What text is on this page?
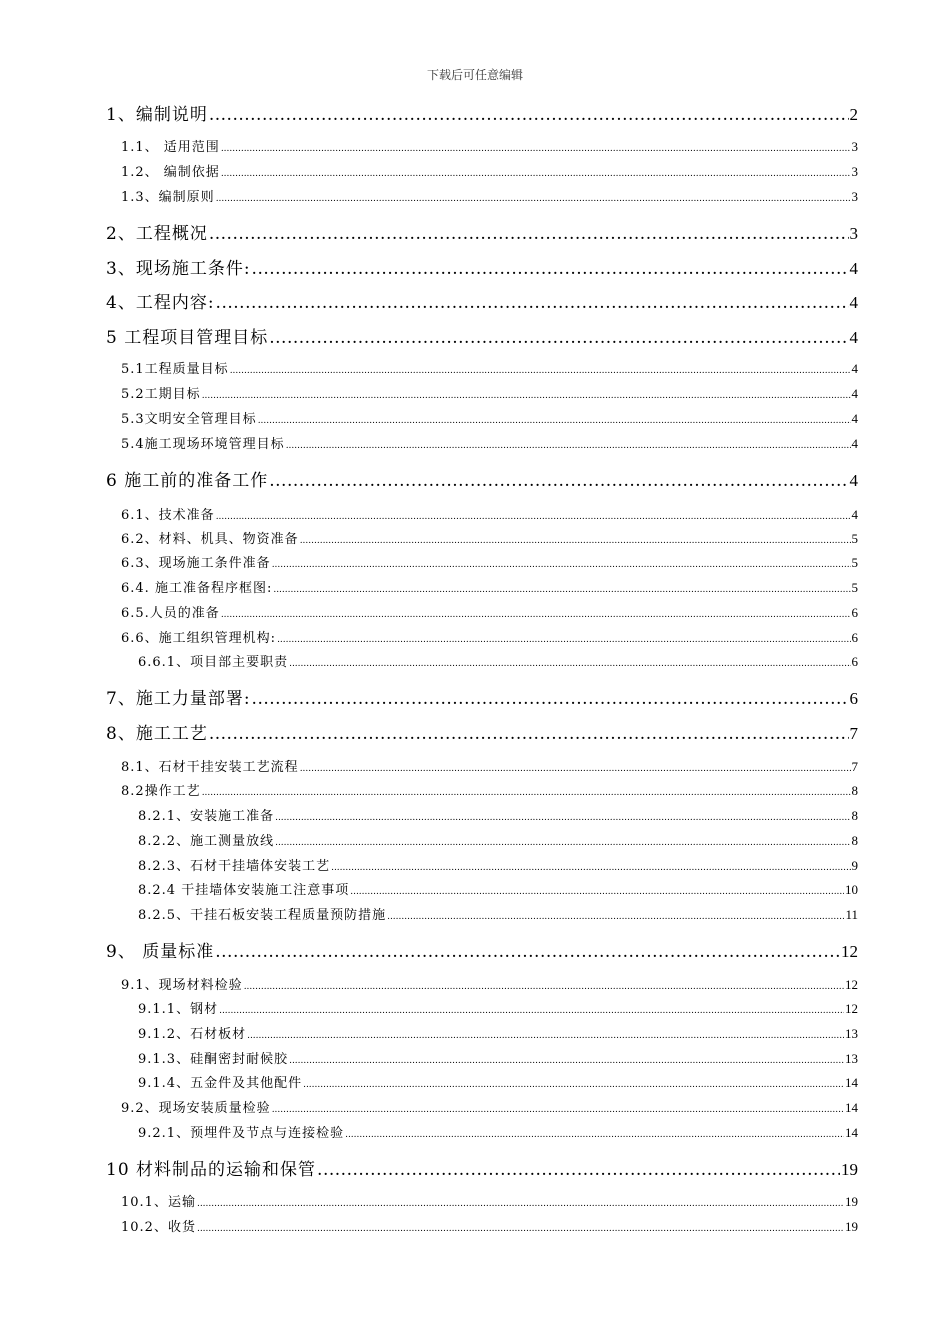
下载后可任意编辑
1、编制说明 .....	2
1.1、 适用范围 .....	3
1.2、 编制依据 .....	3
1.3、编制原则 .....	3
2、工程概况 .....	3
3、现场施工条件: .....	4
4、工程内容: .....	4
5 工程项目管理目标 .....	4
5.1工程质量目标 .....	4
5.2工期目标 .....	4
5.3文明安全管理目标 .....	4
5.4施工现场环境管理目标 .....	4
6 施工前的准备工作 .....	4
6.1、技术准备 .....	4
6.2、材料、机具、物资准备 .....	5
6.3、现场施工条件准备 .....	5
6.4. 施工准备程序框图: .....	5
6.5.人员的准备 .....	6
6.6、施工组织管理机构: .....	6
6.6.1、项目部主要职责 .....	6
7、施工力量部署: .....	6
8、施工工艺 .....	7
8.1、石材干挂安装工艺流程 .....	7
8.2操作工艺 .....	8
8.2.1、安装施工准备 .....	8
8.2.2、施工测量放线 .....	8
8.2.3、石材干挂墙体安装工艺 .....	9
8.2.4 干挂墙体安装施工注意事项 .....	10
8.2.5、干挂石板安装工程质量预防措施 .....	11
9、 质量标准 .....	12
9.1、现场材料检验 .....	12
9.1.1、钢材 .....	12
9.1.2、石材板材 .....	13
9.1.3、硅酮密封耐候胶 .....	13
9.1.4、五金件及其他配件 .....	14
9.2、现场安装质量检验 .....	14
9.2.1、预埋件及节点与连接检验 .....	14
10 材料制品的运输和保管 .....	19
10.1、运输 .....	19
10.2、收货 .....	19
